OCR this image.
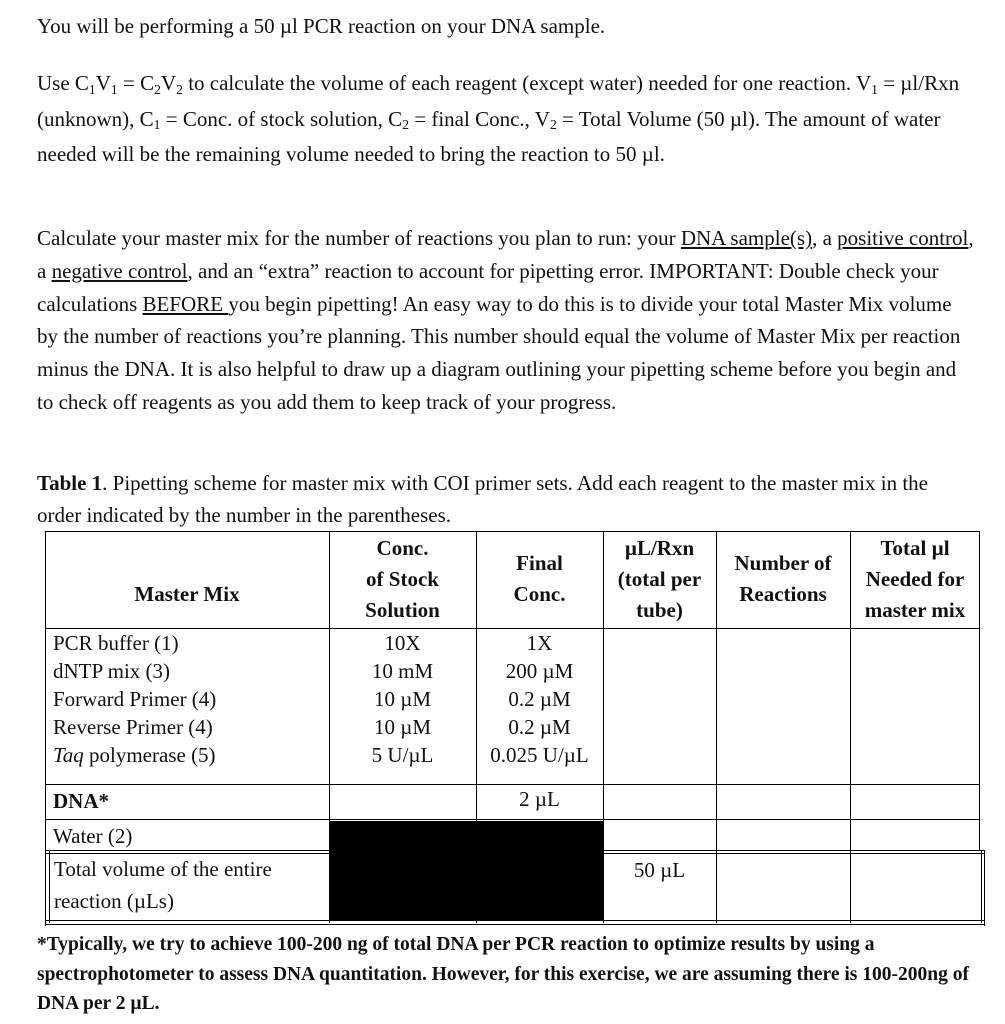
You will be performing a 50 µl PCR reaction on your DNA sample.
Use $C_1V_1 = C_2V_2$ to calculate the volume of each reagent (except water) needed for one reaction. $V_1 = \mu l/Rxn$ (unknown), $C_1$ = Conc. of stock solution, $C_2$ = final Conc., $V_2$ = Total Volume (50 µl). The amount of water needed will be the remaining volume needed to bring the reaction to 50 µl.
Calculate your master mix for the number of reactions you plan to run: your DNA sample(s), a positive control, a negative control, and an “extra” reaction to account for pipetting error. IMPORTANT: Double check your calculations BEFORE you begin pipetting! An easy way to do this is to divide your total Master Mix volume by the number of reactions you’re planning. This number should equal the volume of Master Mix per reaction minus the DNA. It is also helpful to draw up a diagram outlining your pipetting scheme before you begin and to check off reagents as you add them to keep track of your progress.
Table 1. Pipetting scheme for master mix with COI primer sets. Add each reagent to the master mix in the order indicated by the number in the parentheses.
Master Mix
Conc.
of Stock
Solution
Final
Conc.
µL/Rxn
(total per
tube)
Number of
Reactions
Total µl
Needed for
master mix
PCR buffer (1)
dNTP mix (3)
Forward Primer (4)
Reverse Primer (4)
Taq polymerase (5)
10X
10 mM
10 µM
10 µM
5 U/µL
1X
200 µM
0.2 µM
0.2 µM
0.025 U/µL
DNA*	2 µL
Water (2)
Total volume of the entire
reaction (µLs)
50 µL
*Typically, we try to achieve 100-200 ng of total DNA per PCR reaction to optimize results by using a spectrophotometer to assess DNA quantitation. However, for this exercise, we are assuming there is 100-200ng of DNA per 2 µL.
